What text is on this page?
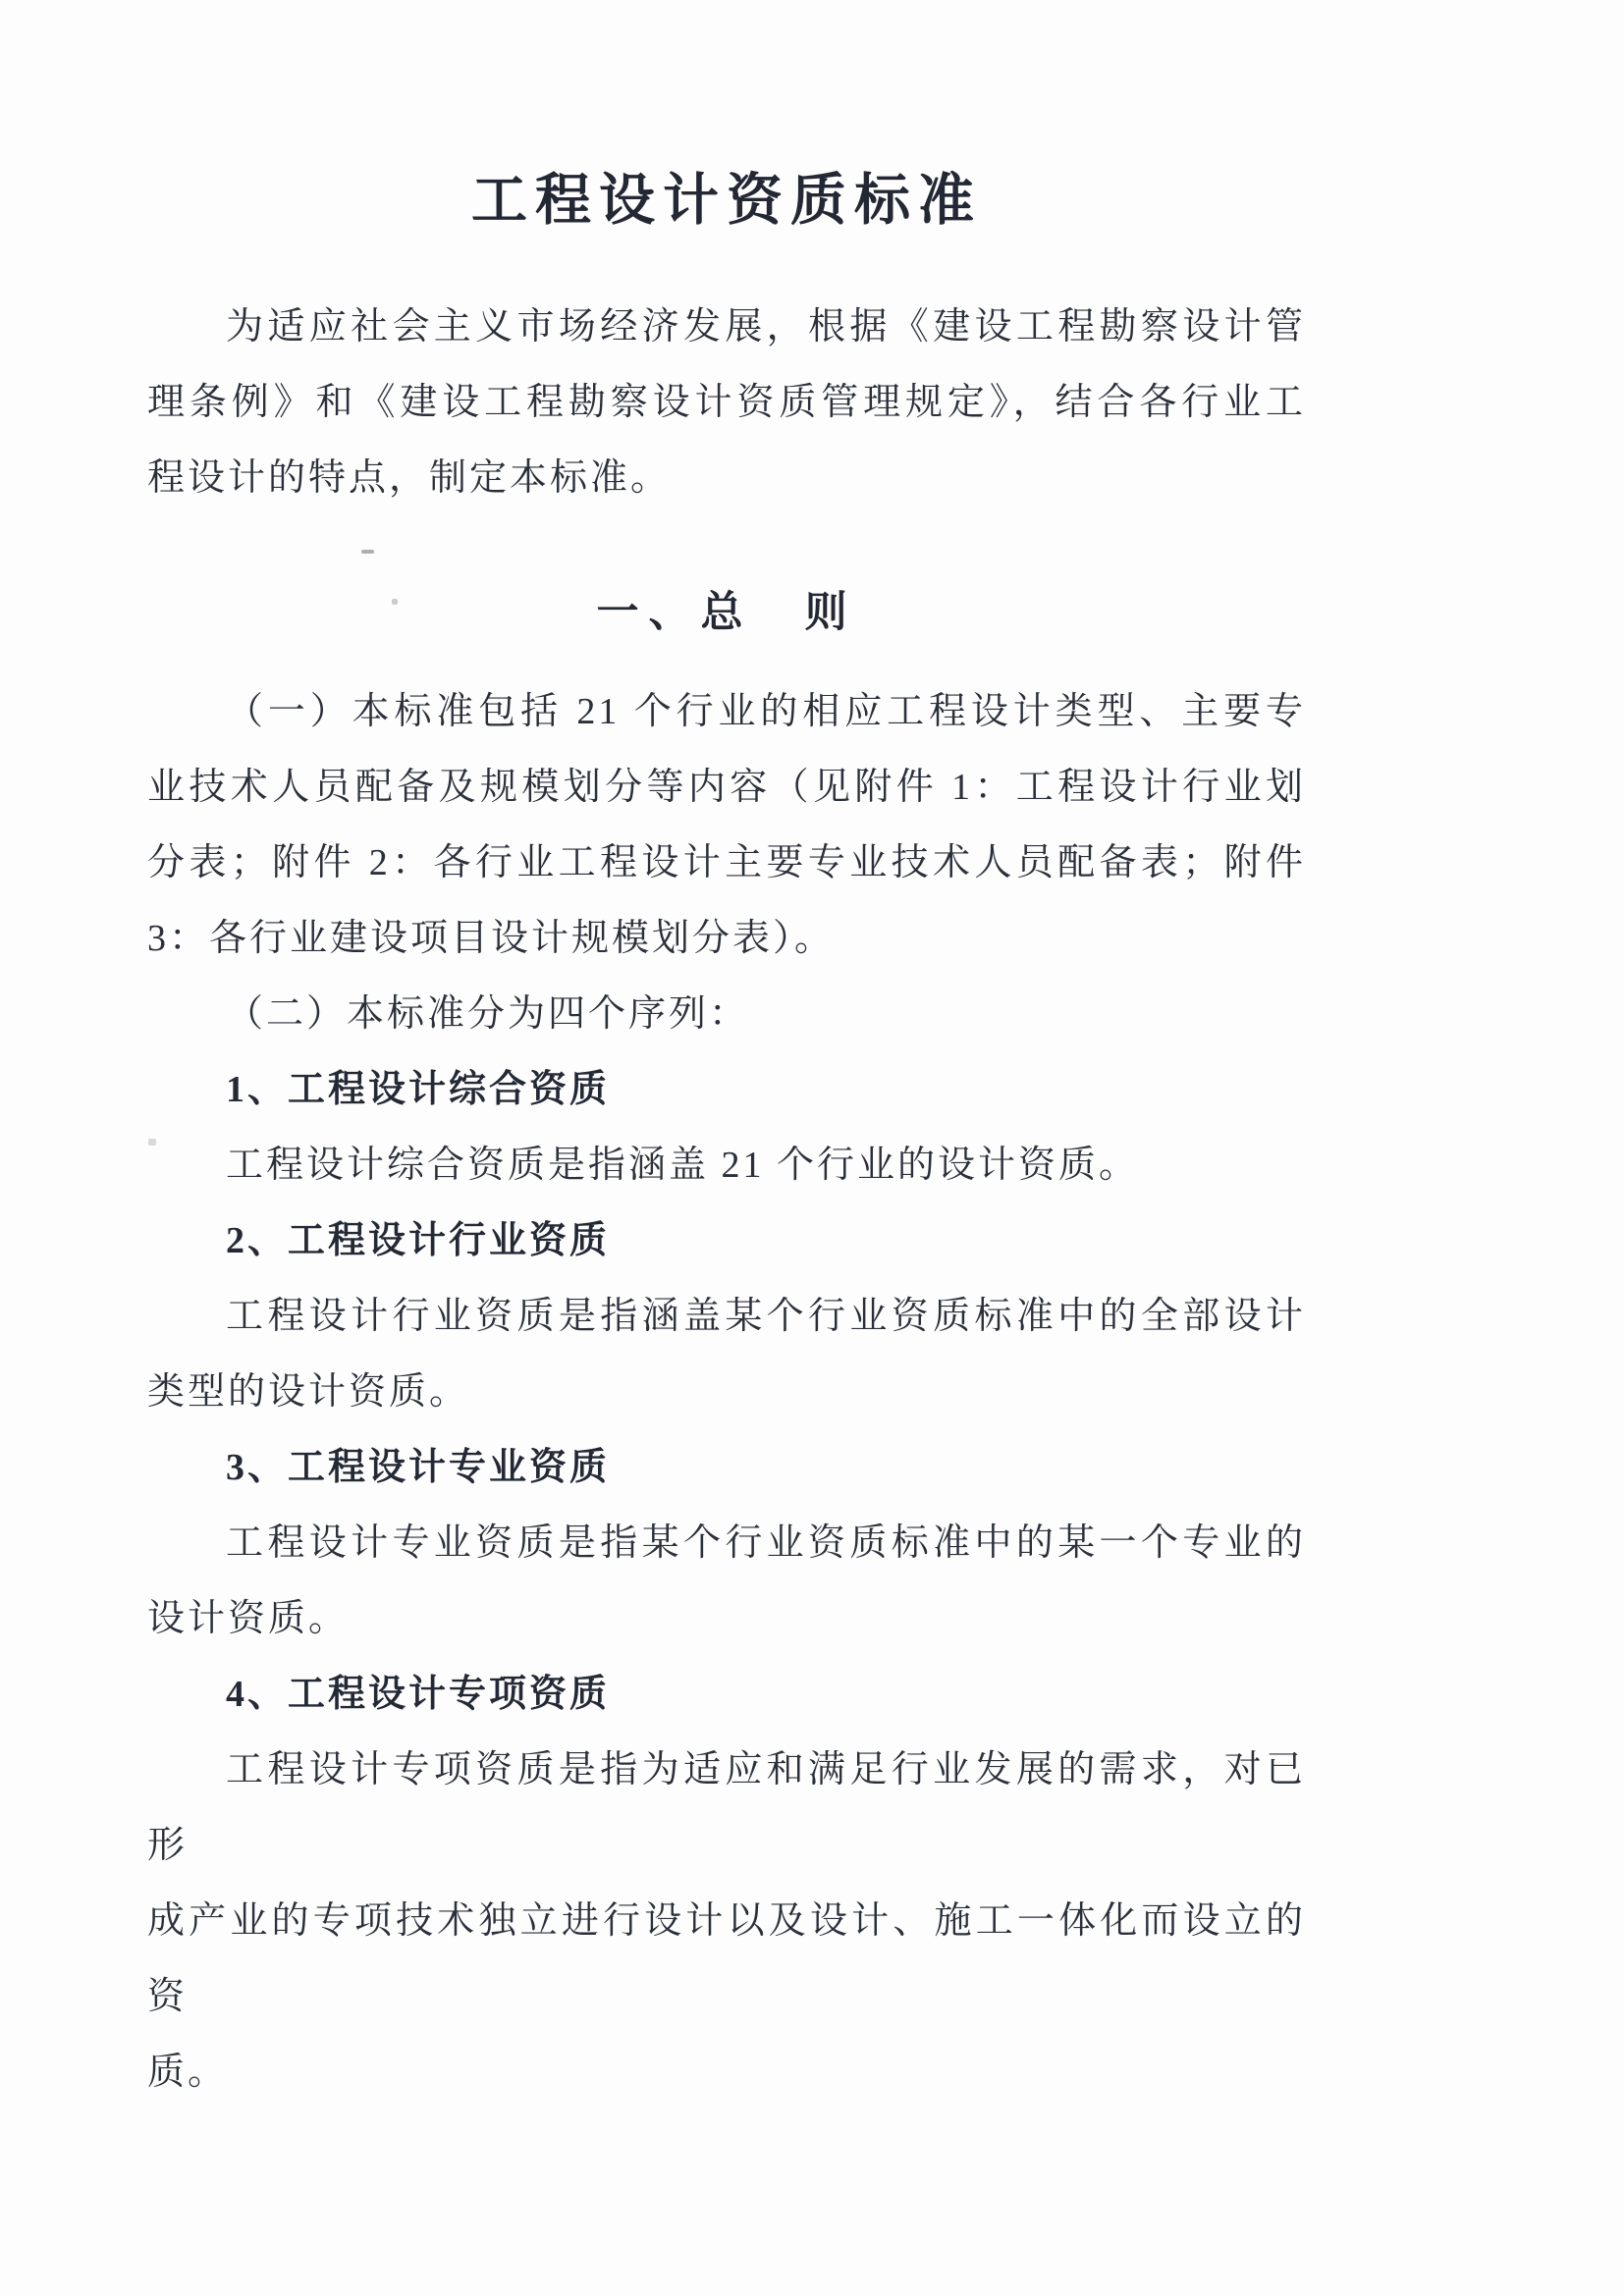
工程设计资质标准
为适应社会主义市场经济发展，根据《建设工程勘察设计管
理条例》和《建设工程勘察设计资质管理规定》，结合各行业工
程设计的特点，制定本标准。
一、总　则
（一）本标准包括 21 个行业的相应工程设计类型、主要专
业技术人员配备及规模划分等内容（见附件 1：工程设计行业划
分表；附件 2：各行业工程设计主要专业技术人员配备表；附件
3：各行业建设项目设计规模划分表）。
（二）本标准分为四个序列：
1、工程设计综合资质
工程设计综合资质是指涵盖 21 个行业的设计资质。
2、工程设计行业资质
工程设计行业资质是指涵盖某个行业资质标准中的全部设计
类型的设计资质。
3、工程设计专业资质
工程设计专业资质是指某个行业资质标准中的某一个专业的
设计资质。
4、工程设计专项资质
工程设计专项资质是指为适应和满足行业发展的需求，对已形
成产业的专项技术独立进行设计以及设计、施工一体化而设立的资
质。
